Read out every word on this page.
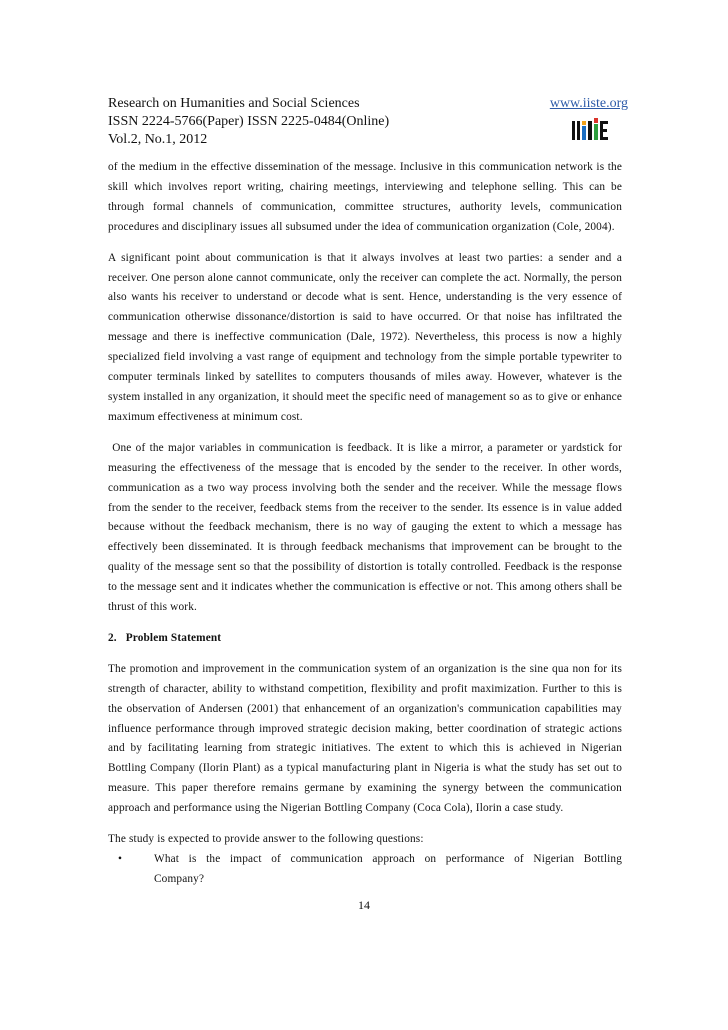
Research on Humanities and Social Sciences	www.iiste.org
ISSN 2224-5766(Paper) ISSN 2225-0484(Online)
Vol.2, No.1, 2012

of the medium in the effective dissemination of the message. Inclusive in this communication network is the skill which involves report writing, chairing meetings, interviewing and telephone selling. This can be through formal channels of communication, committee structures, authority levels, communication procedures and disciplinary issues all subsumed under the idea of communication organization (Cole, 2004).

A significant point about communication is that it always involves at least two parties: a sender and a receiver. One person alone cannot communicate, only the receiver can complete the act. Normally, the person also wants his receiver to understand or decode what is sent. Hence, understanding is the very essence of communication otherwise dissonance/distortion is said to have occurred. Or that noise has infiltrated the message and there is ineffective communication (Dale, 1972). Nevertheless, this process is now a highly specialized field involving a vast range of equipment and technology from the simple portable typewriter to computer terminals linked by satellites to computers thousands of miles away. However, whatever is the system installed in any organization, it should meet the specific need of management so as to give or enhance maximum effectiveness at minimum cost.

One of the major variables in communication is feedback. It is like a mirror, a parameter or yardstick for measuring the effectiveness of the message that is encoded by the sender to the receiver. In other words, communication as a two way process involving both the sender and the receiver. While the message flows from the sender to the receiver, feedback stems from the receiver to the sender. Its essence is in value added because without the feedback mechanism, there is no way of gauging the extent to which a message has effectively been disseminated. It is through feedback mechanisms that improvement can be brought to the quality of the message sent so that the possibility of distortion is totally controlled. Feedback is the response to the message sent and it indicates whether the communication is effective or not. This among others shall be thrust of this work.

2.   Problem Statement

The promotion and improvement in the communication system of an organization is the sine qua non for its strength of character, ability to withstand competition, flexibility and profit maximization. Further to this is the observation of Andersen (2001) that enhancement of an organization's communication capabilities may influence performance through improved strategic decision making, better coordination of strategic actions and by facilitating learning from strategic initiatives. The extent to which this is achieved in Nigerian Bottling Company (Ilorin Plant) as a typical manufacturing plant in Nigeria is what the study has set out to measure. This paper therefore remains germane by examining the synergy between the communication approach and performance using the Nigerian Bottling Company (Coca Cola), Ilorin a case study.

The study is expected to provide answer to the following questions:

•	What is the impact of communication approach on performance of Nigerian Bottling
Company?
14
